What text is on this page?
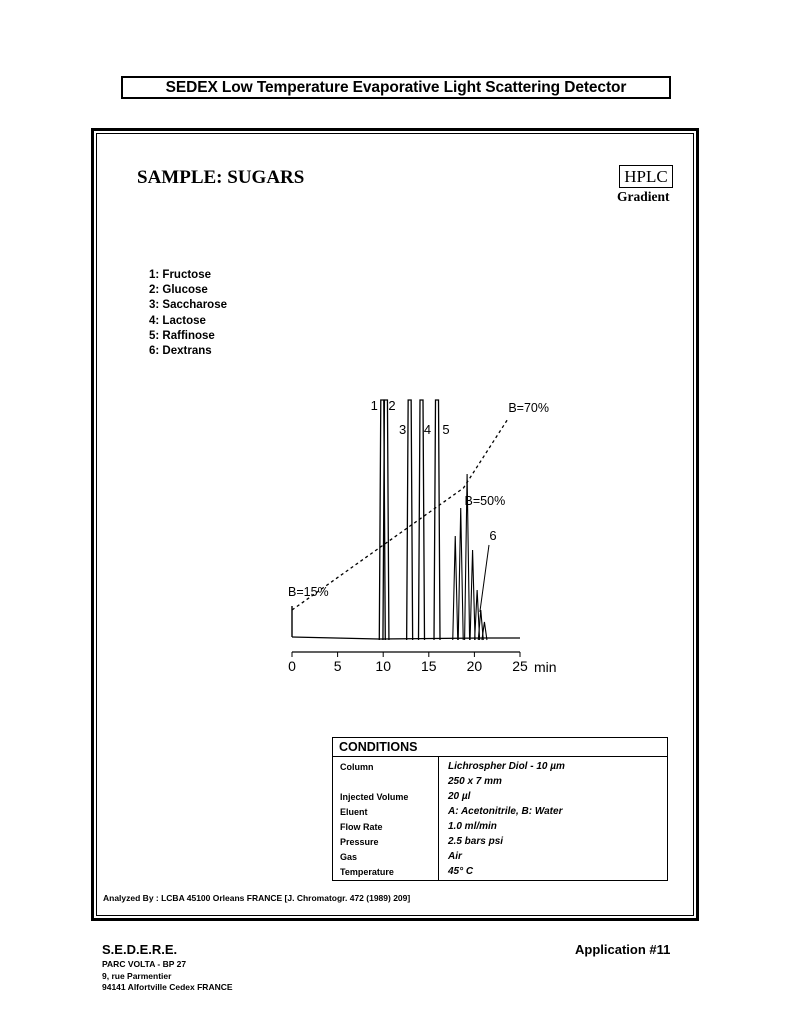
SEDEX Low Temperature Evaporative Light Scattering Detector
SAMPLE: SUGARS	HPLC
Gradient
1: Fructose
2: Glucose
3: Saccharose
4: Lactose
5: Raffinose
6: Dextrans
0	5 10 15 20 25 min
1 2
3 4 5
6
B=15%
B=50%
B=70%
CONDITIONS
Column	Lichrospher Diol - 10 µm
250 x 7 mm
Injected Volume	20 µl
Eluent	A: Acetonitrile, B: Water
Flow Rate	1.0 ml/min
Pressure	2.5 bars psi
Gas	Air
Temperature	45° C
Analyzed By : LCBA 45100 Orleans FRANCE [J. Chromatogr. 472 (1989) 209]
S.E.D.E.R.E.	Application #11
PARC VOLTA - BP 27
9, rue Parmentier
94141 Alfortville Cedex FRANCE
